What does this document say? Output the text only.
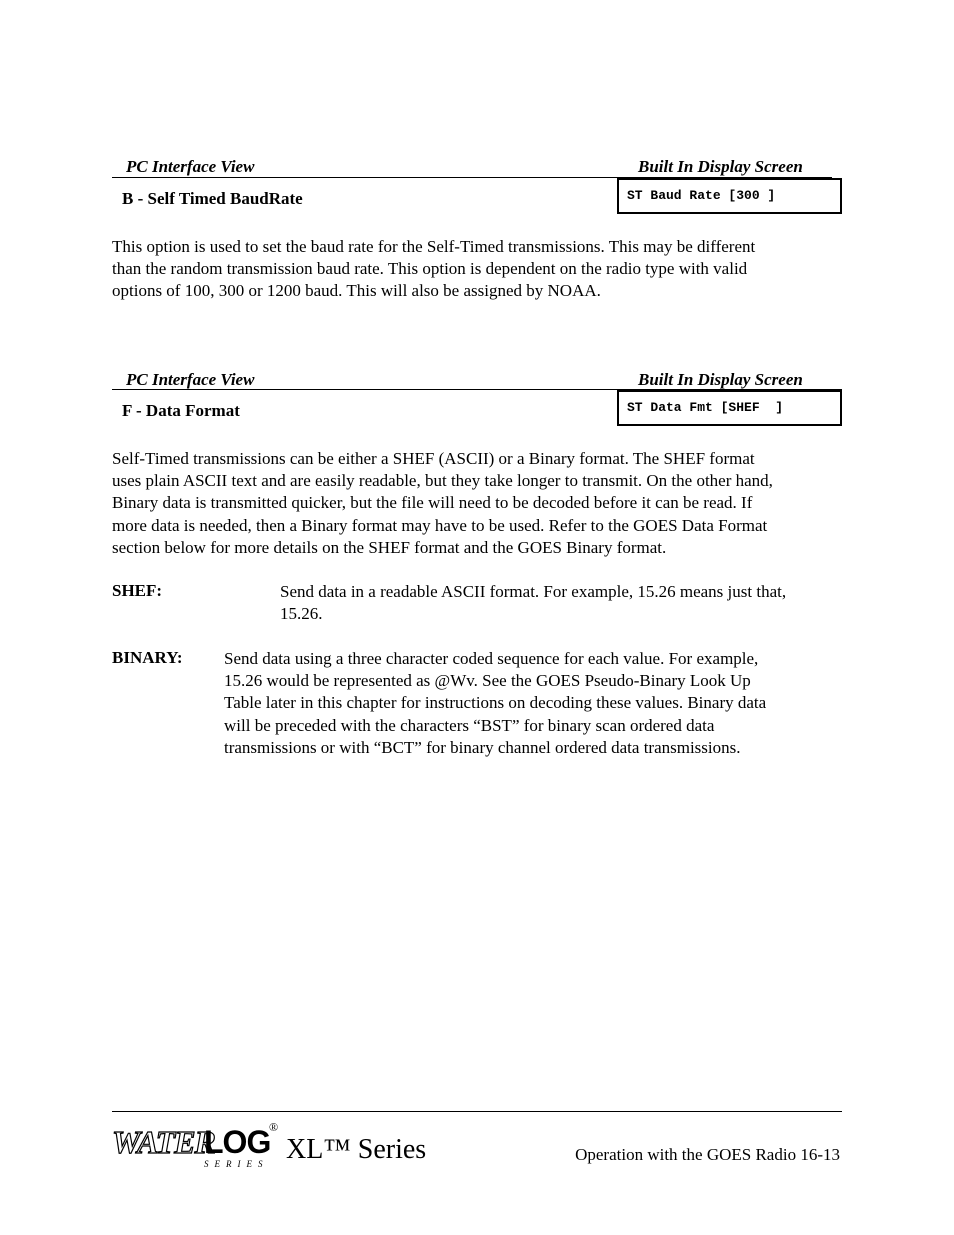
PC Interface View	Built In Display Screen
B - Self Timed BaudRate	ST Baud Rate [300 ]
This option is used to set the baud rate for the Self-Timed transmissions. This may be different
than the random transmission baud rate. This option is dependent on the radio type with valid
options of 100, 300 or 1200 baud. This will also be assigned by NOAA.
PC Interface View	Built In Display Screen
F - Data Format	ST Data Fmt [SHEF  ]
Self-Timed transmissions can be either a SHEF (ASCII) or a Binary format. The SHEF format
uses plain ASCII text and are easily readable, but they take longer to transmit. On the other hand,
Binary data is transmitted quicker, but the file will need to be decoded before it can be read. If
more data is needed, then a Binary format may have to be used. Refer to the GOES Data Format
section below for more details on the SHEF format and the GOES Binary format.
SHEF:	Send data in a readable ASCII format. For example, 15.26 means just that,
15.26.
BINARY: Send data using a three character coded sequence for each value. For example,
15.26 would be represented as @Wv. See the GOES Pseudo-Binary Look Up
Table later in this chapter for instructions on decoding these values. Binary data
will be preceded with the characters “BST” for binary scan ordered data
transmissions or with “BCT” for binary channel ordered data transmissions.
WATER
LOG
®
SERIES XL™ Series	Operation with the GOES Radio 16-13
